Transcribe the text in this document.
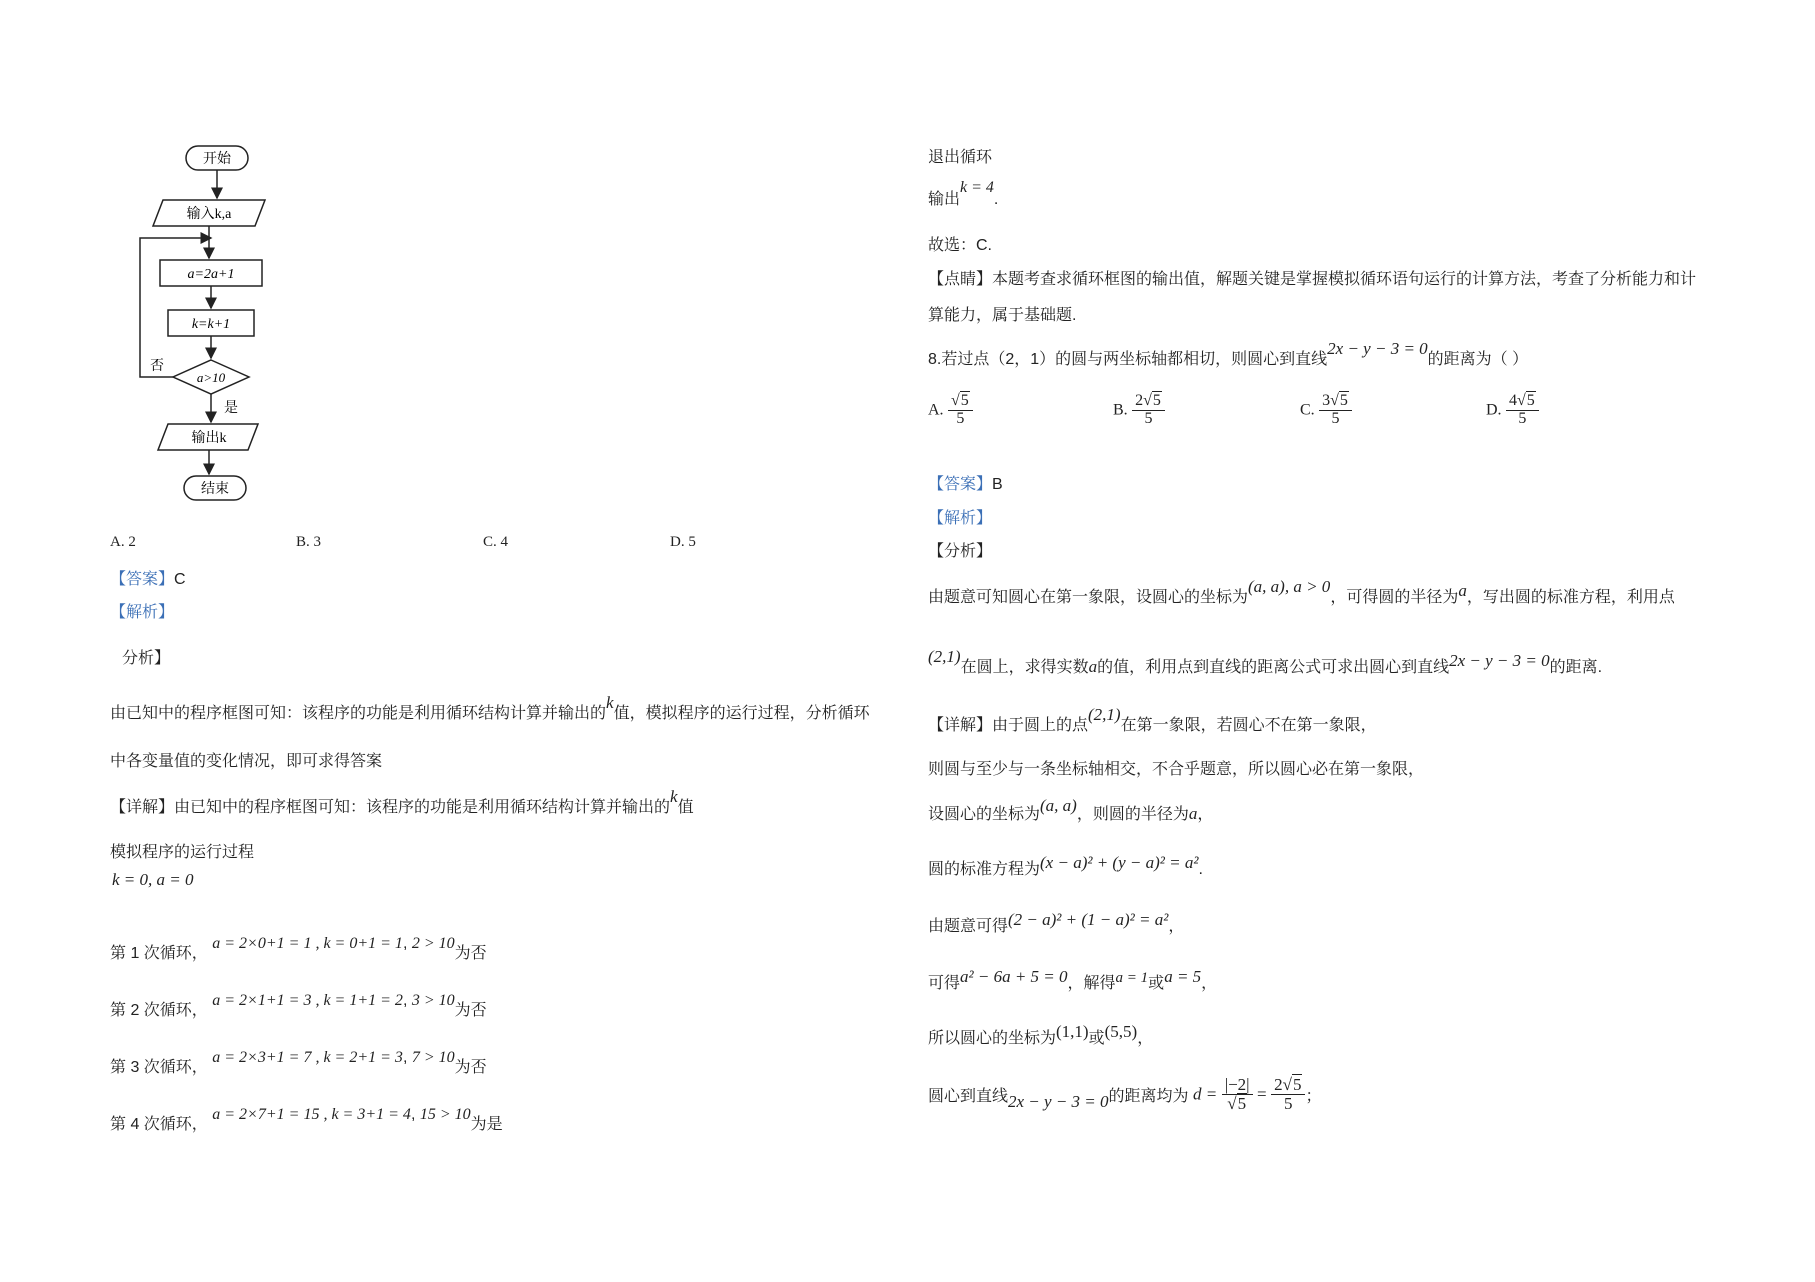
开始
输入k,a
a=2a+1
k=k+1
a>10
否
是
输出k
结束
A. 2	B. 3	C. 4	D. 5
【答案】C
【解析】
分析】
由已知中的程序框图可知：该程序的功能是利用循环结构计算并输出的k值，模拟程序的运行过程，分析循环
中各变量值的变化情况，即可求得答案
【详解】由已知中的程序框图可知：该程序的功能是利用循环结构计算并输出的k值
模拟程序的运行过程
k = 0, a = 0
第 1 次循环， a = 2×0+1 = 1 , k = 0+1 = 1, 2 > 10为否
第 2 次循环， a = 2×1+1 = 3 , k = 1+1 = 2, 3 > 10为否
第 3 次循环， a = 2×3+1 = 7 , k = 2+1 = 3, 7 > 10为否
第 4 次循环， a = 2×7+1 = 15 , k = 3+1 = 4, 15 > 10为是
退出循环
输出k = 4.
故选：C.
【点睛】本题考查求循环框图的输出值，解题关键是掌握模拟循环语句运行的计算方法，考查了分析能力和计
算能力，属于基础题.
8.若过点（2，1）的圆与两坐标轴都相切，则圆心到直线2x − y − 3 = 0的距离为（ ）
A. $\frac{√5}{5}$	B. $\frac{2√5}{5}$	C. $\frac{3√5}{5}$	D. $\frac{4√5}{5}$
【答案】B
【解析】
【分析】
由题意可知圆心在第一象限，设圆心的坐标为(a, a), a > 0，可得圆的半径为a，写出圆的标准方程，利用点
(2,1)在圆上，求得实数a的值，利用点到直线的距离公式可求出圆心到直线2x − y − 3 = 0的距离.
【详解】由于圆上的点(2,1)在第一象限，若圆心不在第一象限，
则圆与至少与一条坐标轴相交，不合乎题意，所以圆心必在第一象限，
设圆心的坐标为(a, a)，则圆的半径为a，
圆的标准方程为(x − a)² + (y − a)² = a².
由题意可得(2 − a)² + (1 − a)² = a²，
可得a² − 6a + 5 = 0，解得a = 1或a = 5，
所以圆心的坐标为(1,1)或(5,5)，
圆心到直线2x − y − 3 = 0的距离均为 $d = \frac{|-2|}{√5} = \frac{2√5}{5}$ ；
